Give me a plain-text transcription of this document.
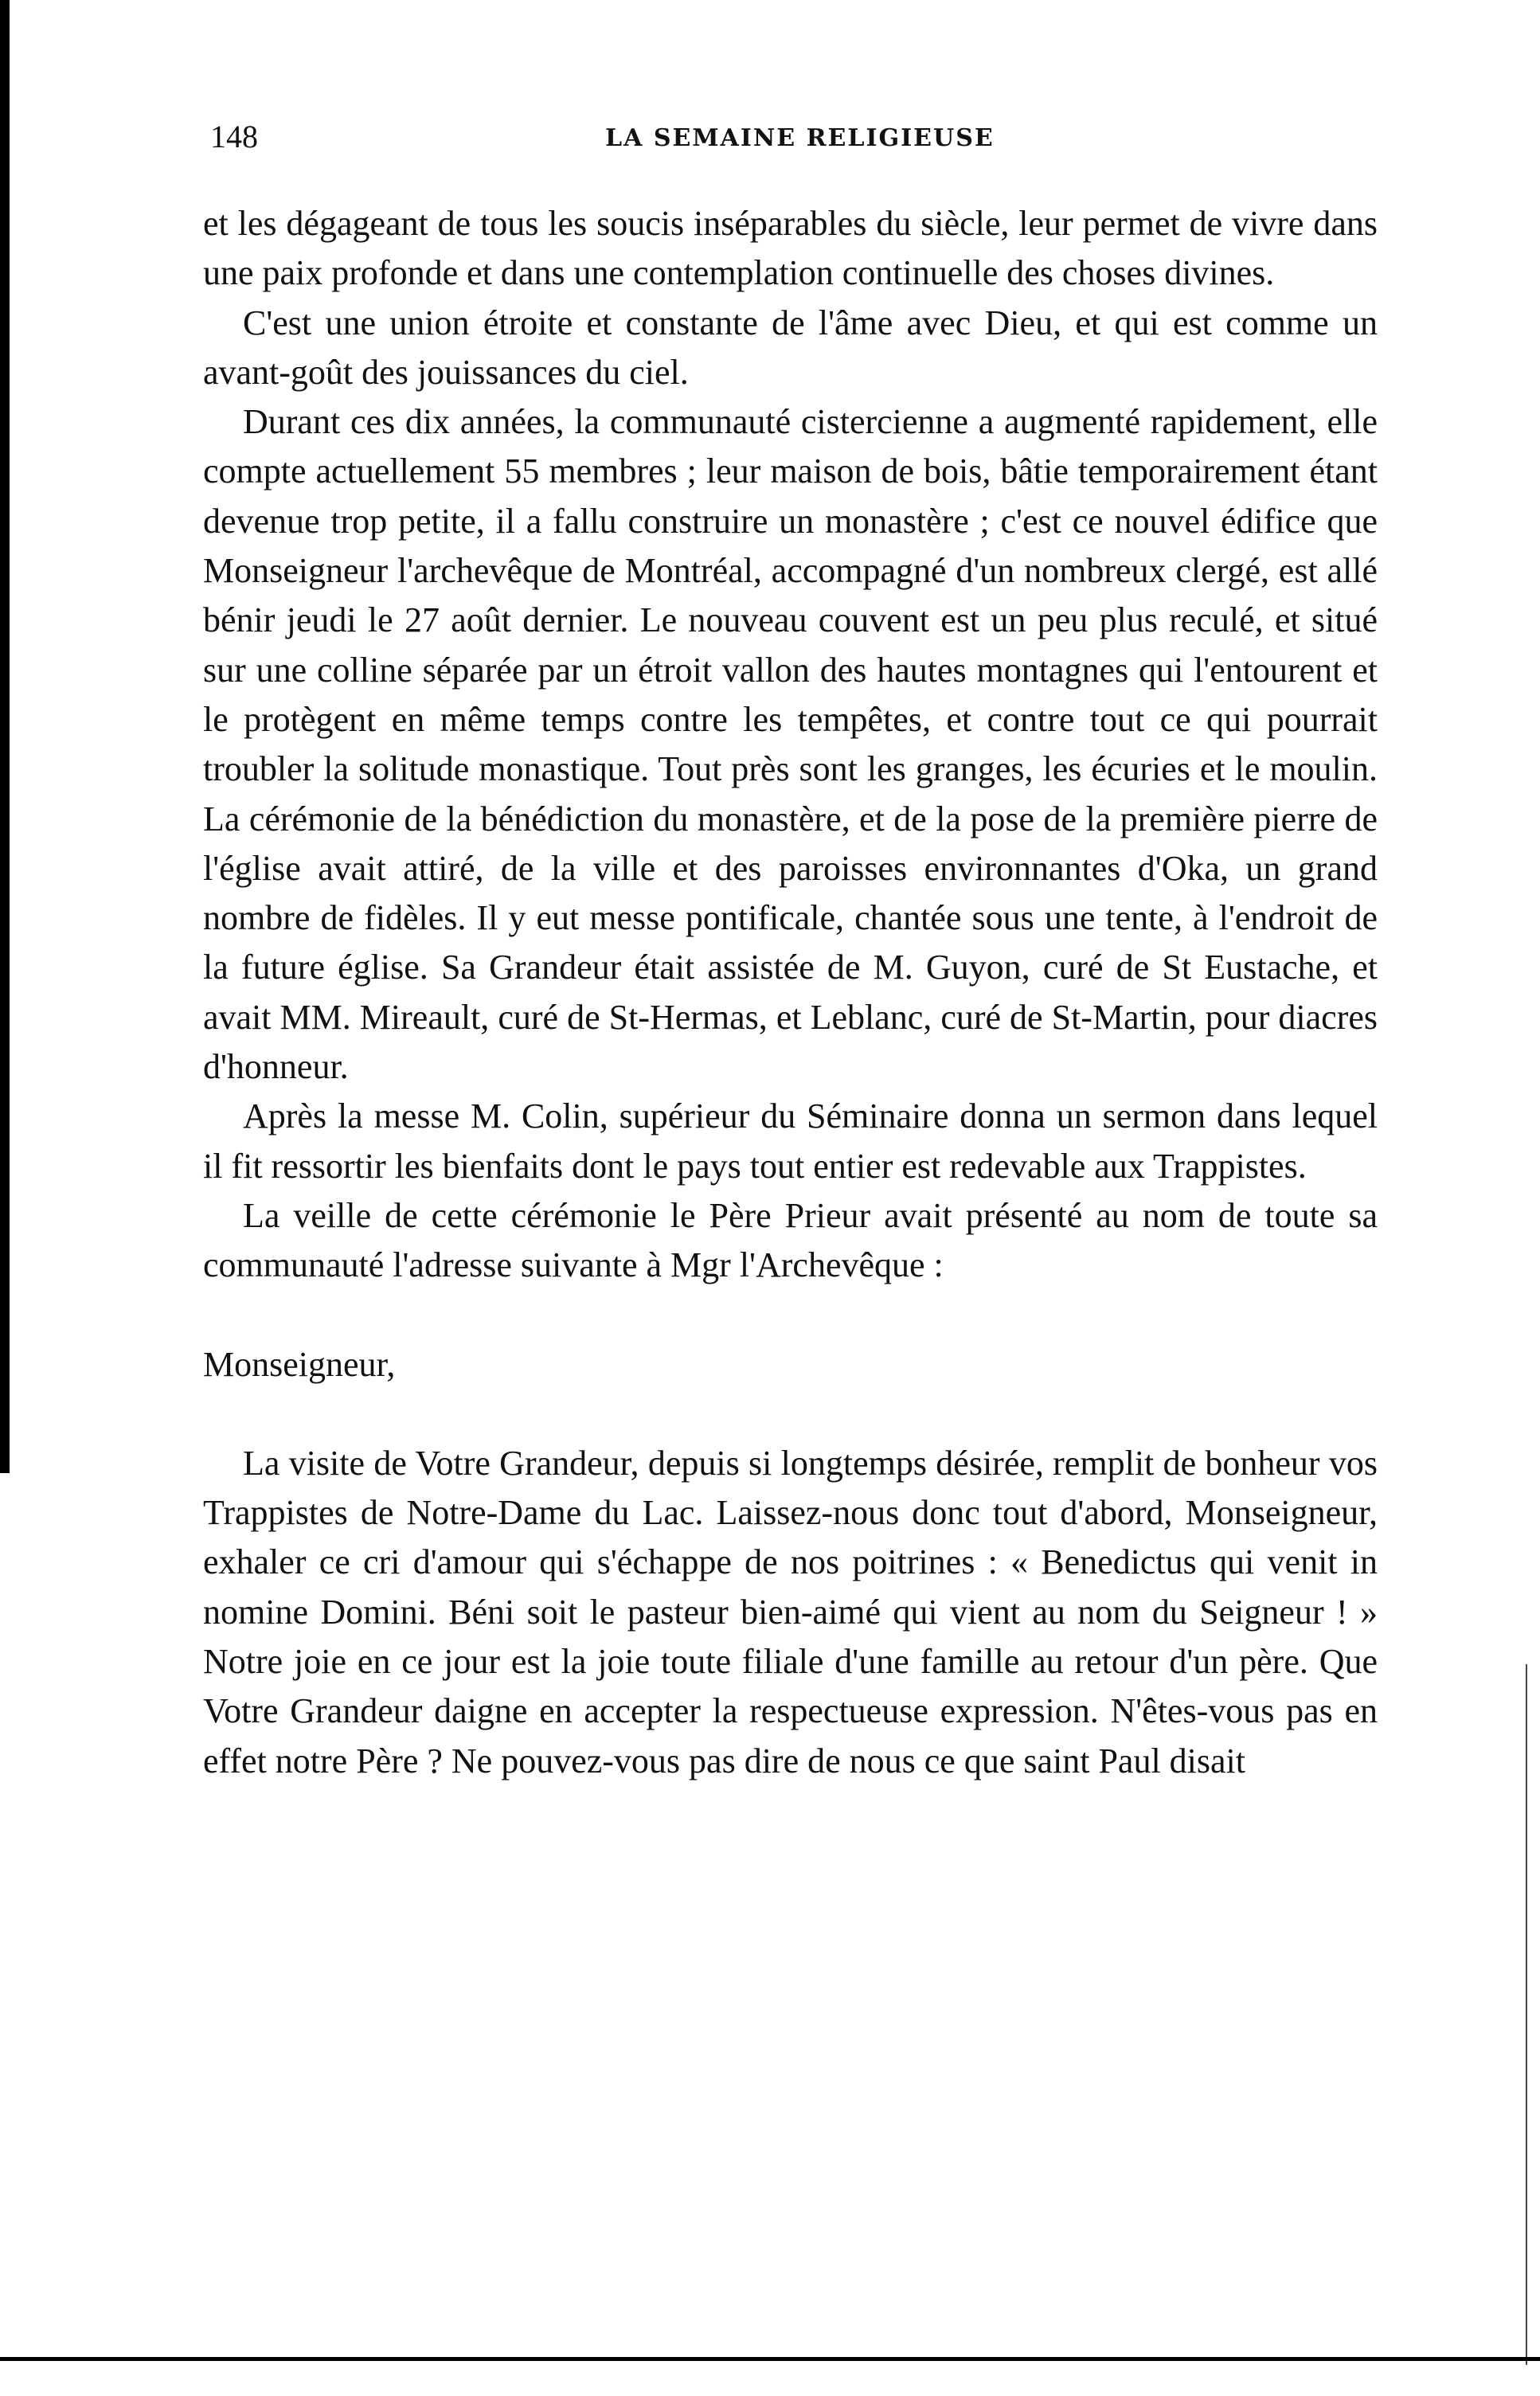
148	LA SEMAINE RELIGIEUSE

et les dégageant de tous les soucis inséparables du siècle, leur permet de vivre dans une paix profonde et dans une contemplation continuelle des choses divines.

C'est une union étroite et constante de l'âme avec Dieu, et qui est comme un avant-goût des jouissances du ciel.

Durant ces dix années, la communauté cistercienne a augmenté rapidement, elle compte actuellement 55 membres ; leur maison de bois, bâtie temporairement étant devenue trop petite, il a fallu construire un monastère ; c'est ce nouvel édifice que Monseigneur l'archevêque de Montréal, accompagné d'un nombreux clergé, est allé bénir jeudi le 27 août dernier. Le nouveau couvent est un peu plus reculé, et situé sur une colline séparée par un étroit vallon des hautes montagnes qui l'entourent et le protègent en même temps contre les tempêtes, et contre tout ce qui pourrait troubler la solitude monastique. Tout près sont les granges, les écuries et le moulin. La cérémonie de la bénédiction du monastère, et de la pose de la première pierre de l'église avait attiré, de la ville et des paroisses environnantes d'Oka, un grand nombre de fidèles. Il y eut messe pontificale, chantée sous une tente, à l'endroit de la future église. Sa Grandeur était assistée de M. Guyon, curé de St Eustache, et avait MM. Mireault, curé de St-Hermas, et Leblanc, curé de St-Martin, pour diacres d'honneur.

Après la messe M. Colin, supérieur du Séminaire donna un sermon dans lequel il fit ressortir les bienfaits dont le pays tout entier est redevable aux Trappistes.

La veille de cette cérémonie le Père Prieur avait présenté au nom de toute sa communauté l'adresse suivante à Mgr l'Archevêque :

Monseigneur,

La visite de Votre Grandeur, depuis si longtemps désirée, remplit de bonheur vos Trappistes de Notre-Dame du Lac. Laissez-nous donc tout d'abord, Monseigneur, exhaler ce cri d'amour qui s'échappe de nos poitrines : « Benedictus qui venit in nomine Domini. Béni soit le pasteur bien-aimé qui vient au nom du Seigneur ! » Notre joie en ce jour est la joie toute filiale d'une famille au retour d'un père. Que Votre Grandeur daigne en accepter la respectueuse expression. N'êtes-vous pas en effet notre Père ? Ne pouvez-vous pas dire de nous ce que saint Paul disait
